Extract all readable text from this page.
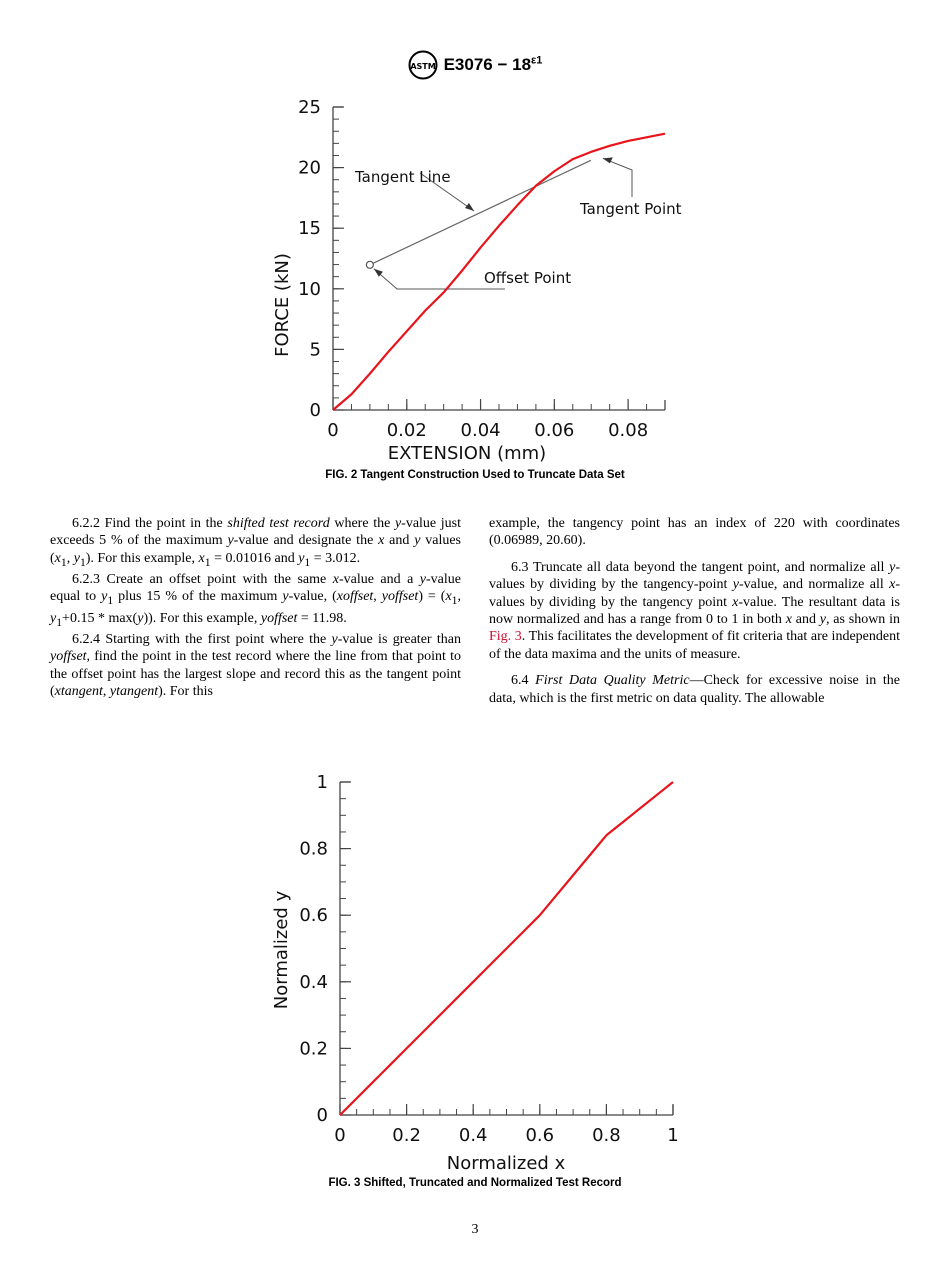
ASTM $E3076 - 18^{\varepsilon 1}$
0	0.02 0.04 0.06 0.08
0
5
10
15
20
25
EXTENSION (mm)
FORCE (kN)
Tangent Line
Tangent Point
Offset Point
FIG. 2 Tangent Construction Used to Truncate Data Set

6.2.2 Find the point in the shifted test record where the y-value just exceeds 5 % of the maximum y-value and designate the x and y values ($x_1$, $y_1$). For this example, $x_1 = 0.01016$ and $y_1 = 3.012$.

6.2.3 Create an offset point with the same x-value and a y-value equal to $y_1$ plus 15 % of the maximum y-value, (xoffset, yoffset) = ($x_1$, $y_1+0.15 * \max(y)$). For this example, yoffset = 11.98.

6.2.4 Starting with the first point where the y-value is greater than yoffset, find the point in the test record where the line from that point to the offset point has the largest slope and record this as the tangent point (xtangent, ytangent). For this

example, the tangency point has an index of 220 with coordinates (0.06989, 20.60).

6.3 Truncate all data beyond the tangent point, and normalize all y-values by dividing by the tangency-point y-value, and normalize all x-values by dividing by the tangency point x-value. The resultant data is now normalized and has a range from 0 to 1 in both x and y, as shown in Fig. 3. This facilitates the development of fit criteria that are independent of the data maxima and the units of measure.

6.4 First Data Quality Metric—Check for excessive noise in the data, which is the first metric on data quality. The allowable

0	0.2 0.4 0.6 0.8	1
0
0.2
0.4
0.6
0.8
1
Normalized x
Normalized y
FIG. 3 Shifted, Truncated and Normalized Test Record
3
